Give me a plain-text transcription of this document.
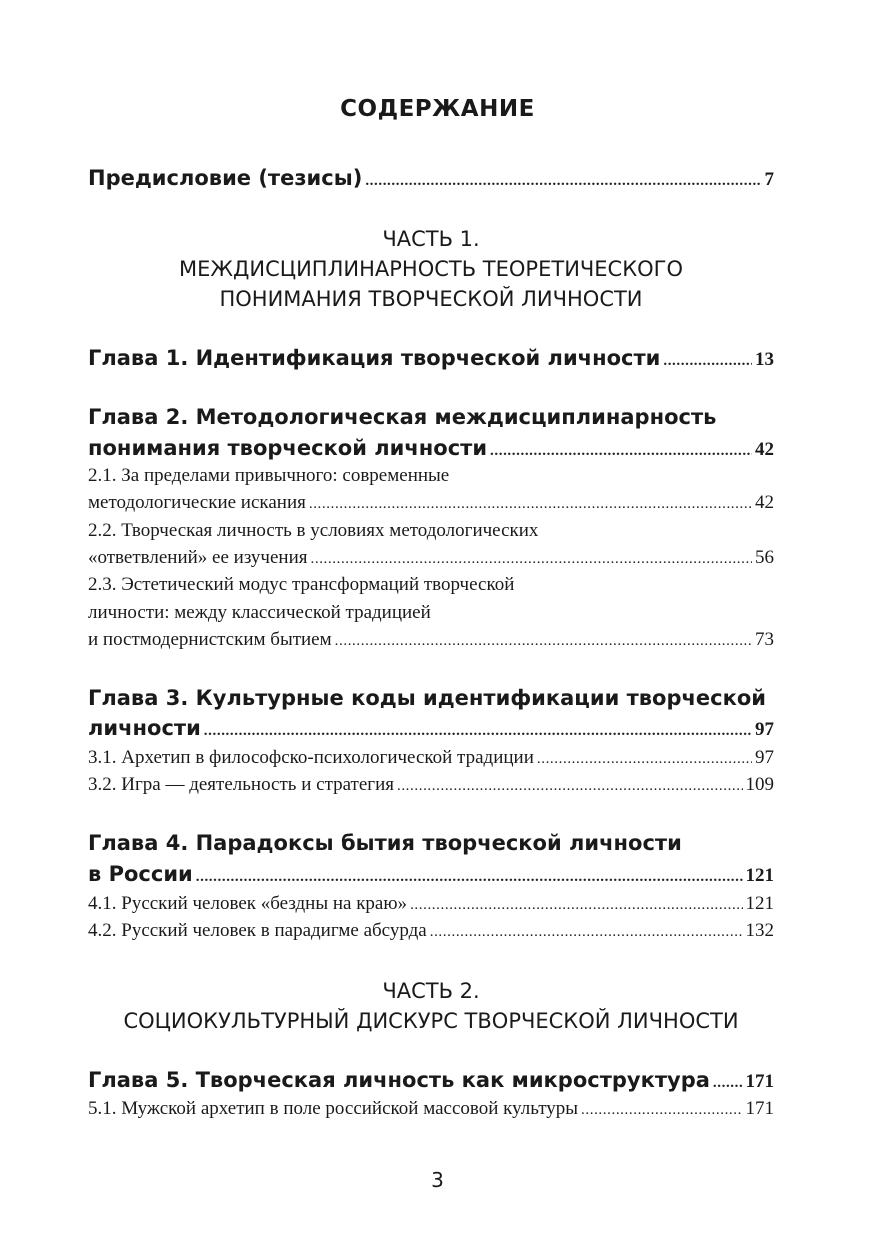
СОДЕРЖАНИЕ
Предисловие (тезисы) .....	7
ЧАСТЬ 1.
МЕЖДИСЦИПЛИНАРНОСТЬ ТЕОРЕТИЧЕСКОГО
ПОНИМАНИЯ ТВОРЧЕСКОЙ ЛИЧНОСТИ
Глава 1. Идентификация творческой личности .....	13
Глава 2. Методологическая междисциплинарность
понимания творческой личности .....	42
2.1. За пределами привычного: современные
методологические искания .....	42
2.2. Творческая личность в условиях методологических
«ответвлений» ее изучения .....	56
2.3. Эстетический модус трансформаций творческой
личности: между классической традицией
и постмодернистским бытием .....	73
Глава 3. Культурные коды идентификации творческой
личности .....	97
3.1. Архетип в философско-психологической традиции .....	97
3.2. Игра — деятельность и стратегия .....	109
Глава 4. Парадоксы бытия творческой личности
в России .....	121
4.1. Русский человек «бездны на краю» .....	121
4.2. Русский человек в парадигме абсурда .....	132
ЧАСТЬ 2.
СОЦИОКУЛЬТУРНЫЙ ДИСКУРС ТВОРЧЕСКОЙ ЛИЧНОСТИ
Глава 5. Творческая личность как микроструктура ..... 171
5.1. Мужской архетип в поле российской массовой культуры .....	171
3
